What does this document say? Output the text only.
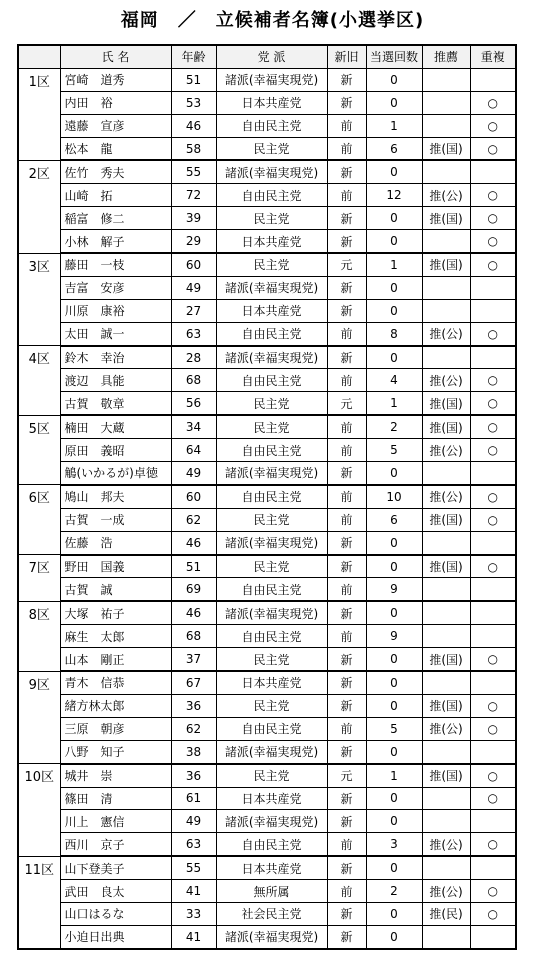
福岡　／　立候補者名簿(小選挙区)
	氏 名	年齢	党 派	新旧	当選回数	推薦	重複
1区	宮崎　道秀	51	諸派(幸福実現党)	新	0		
	内田　裕	53	日本共産党	新	0		○
	遠藤　宣彦	46	自由民主党	前	1		○
	松本　龍	58	民主党	前	6	推(国)	○
2区	佐竹　秀夫	55	諸派(幸福実現党)	新	0		
	山崎　拓	72	自由民主党	前	12	推(公)	○
	稲富　修二	39	民主党	新	0	推(国)	○
	小林　解子	29	日本共産党	新	0		○
3区	藤田　一枝	60	民主党	元	1	推(国)	○
	吉富　安彦	49	諸派(幸福実現党)	新	0		
	川原　康裕	27	日本共産党	新	0		
	太田　誠一	63	自由民主党	前	8	推(公)	○
4区	鈴木　幸治	28	諸派(幸福実現党)	新	0		
	渡辺　具能	68	自由民主党	前	4	推(公)	○
	古賀　敬章	56	民主党	元	1	推(国)	○
5区	楠田　大蔵	34	民主党	前	2	推(国)	○
	原田　義昭	64	自由民主党	前	5	推(公)	○
	鵤(いかるが)卓徳	49	諸派(幸福実現党)	新	0		
6区	鳩山　邦夫	60	自由民主党	前	10	推(公)	○
	古賀　一成	62	民主党	前	6	推(国)	○
	佐藤　浩	46	諸派(幸福実現党)	新	0		
7区	野田　国義	51	民主党	新	0	推(国)	○
	古賀　誠	69	自由民主党	前	9		
8区	大塚　祐子	46	諸派(幸福実現党)	新	0		
	麻生　太郎	68	自由民主党	前	9		
	山本　剛正	37	民主党	新	0	推(国)	○
9区	青木　信恭	67	日本共産党	新	0		
	緒方林太郎	36	民主党	新	0	推(国)	○
	三原　朝彦	62	自由民主党	前	5	推(公)	○
	八野　知子	38	諸派(幸福実現党)	新	0		
10区	城井　崇	36	民主党	元	1	推(国)	○
	篠田　清	61	日本共産党	新	0		○
	川上　憲信	49	諸派(幸福実現党)	新	0		
	西川　京子	63	自由民主党	前	3	推(公)	○
11区	山下登美子	55	日本共産党	新	0		
	武田　良太	41	無所属	前	2	推(公)	○
	山口はるな	33	社会民主党	新	0	推(民)	○
	小迫日出典	41	諸派(幸福実現党)	新	0		
